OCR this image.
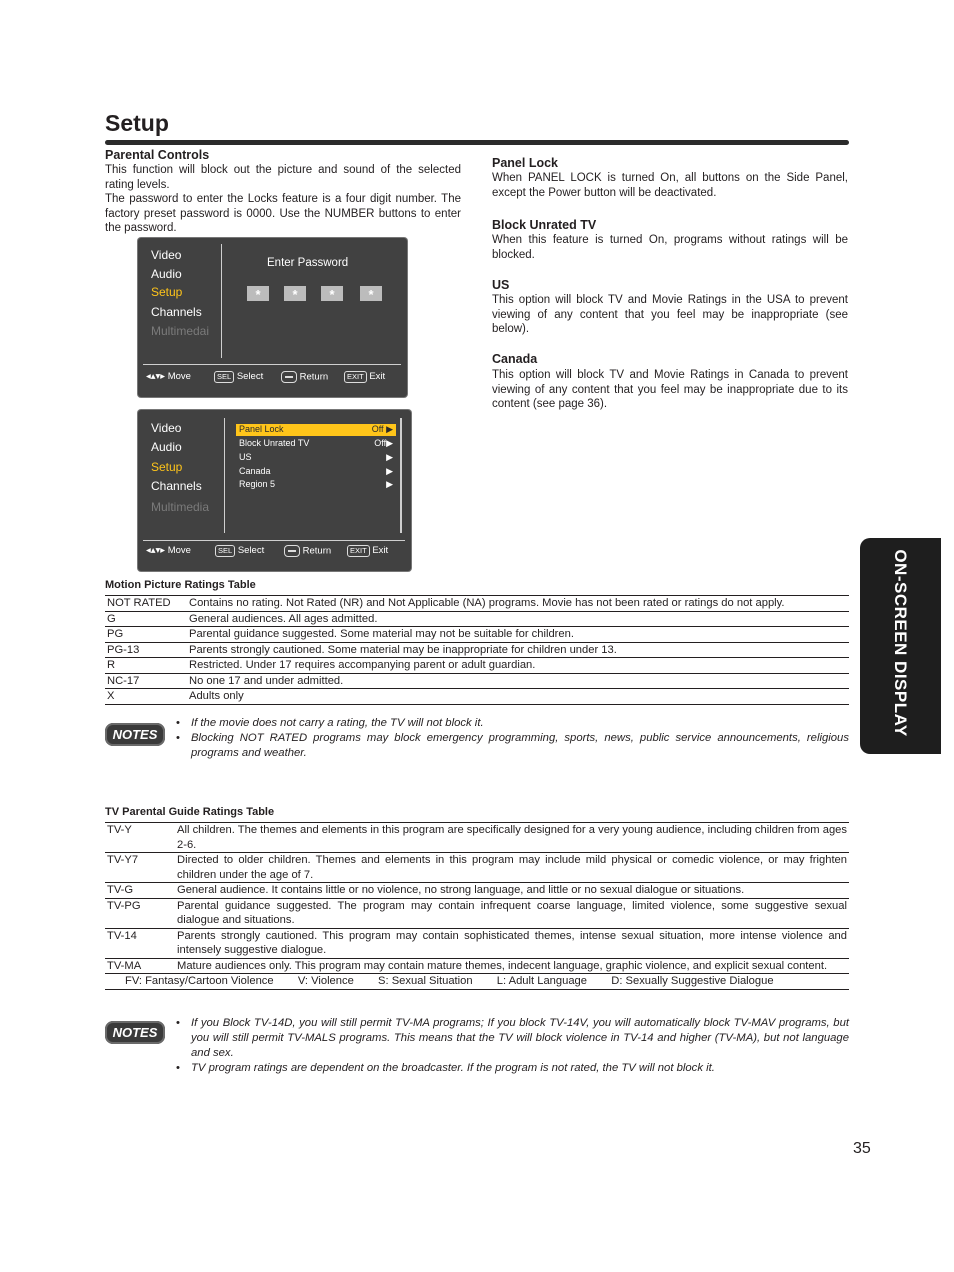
Setup
Parental Controls
This function will block out the picture and sound of the selected rating levels.
The password to enter the Locks feature is a four digit number. The factory preset password is 0000. Use the NUMBER buttons to enter the password.
Video
Audio
Setup
Channels
Multimedai
Enter Password
*	*	*	*
◂▴▾▸ Move	SEL Select	Return	EXIT Exit
Video
Audio
Setup
Channels
Multimedia
Panel Lock	Off ▶
Block Unrated TV	Off▶
US	▶
Canada	▶
Region 5	▶
◂▴▾▸ Move	SEL Select	Return	EXIT Exit
Panel Lock
When PANEL LOCK is turned On, all buttons on the Side Panel, except the Power button will be deactivated.
Block Unrated TV
When this feature is turned On, programs without ratings will be blocked.
US
This option will block TV and Movie Ratings in the USA to prevent viewing of any content that you feel may be inappropriate (see below).
Canada
This option will block TV and Movie Ratings in Canada to prevent viewing of any content that you feel may be inappropriate due to its content (see page 36).
Motion Picture Ratings Table
NOT RATED	Contains no rating. Not Rated (NR) and Not Applicable (NA) programs. Movie has not been rated or ratings do not apply.
G	General audiences. All ages admitted.
PG	Parental guidance suggested. Some material may not be suitable for children.
PG-13	Parents strongly cautioned. Some material may be inappropriate for children under 13.
R	Restricted. Under 17 requires accompanying parent or adult guardian.
NC-17	No one 17 and under admitted.
X	Adults only
NOTES
• If the movie does not carry a rating, the TV will not block it.
• Blocking NOT RATED programs may block emergency programming, sports, news, public service announcements, religious programs and weather.
TV Parental Guide Ratings Table
TV-Y	All children. The themes and elements in this program are specifically designed for a very young audience, including children from ages 2-6.
TV-Y7	Directed to older children. Themes and elements in this program may include mild physical or comedic violence, or may frighten children under the age of 7.
TV-G	General audience. It contains little or no violence, no strong language, and little or no sexual dialogue or situations.
TV-PG	Parental guidance suggested. The program may contain infrequent coarse language, limited violence, some suggestive sexual dialogue and situations.
TV-14	Parents strongly cautioned. This program may contain sophisticated themes, intense sexual situation, more intense violence and intensely suggestive dialogue.
TV-MA	Mature audiences only. This program may contain mature themes, indecent language, graphic violence, and explicit sexual content.
FV: Fantasy/Cartoon Violence V: Violence S: Sexual Situation L: Adult Language D: Sexually Suggestive Dialogue	
NOTES
• If you Block TV-14D, you will still permit TV-MA programs; If you block TV-14V, you will automatically block TV-MAV programs, but you will still permit TV-MALS programs. This means that the TV will block violence in TV-14 and higher (TV-MA), but not language and sex.
• TV program ratings are dependent on the broadcaster. If the program is not rated, the TV will not block it.
ON-SCREEN DISPLAY
35
